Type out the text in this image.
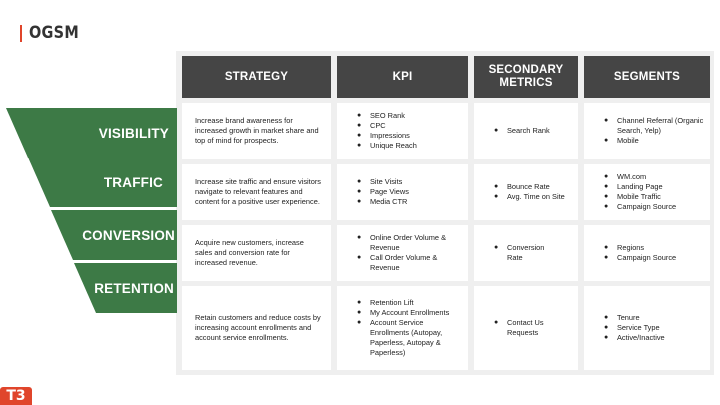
OGSM
STRATEGY	KPI
SECONDARY METRICS
SEGMENTS
Increase brand awareness for increased growth in market share and top of mind for prospects.
● SEO Rank
● CPC
● Impressions
● Unique Reach
● Search Rank
● Channel Referral (Organic Search, Yelp)
● Mobile
Increase site traffic and ensure visitors navigate to relevant features and content for a positive user experience.
● Site Visits
● Page Views
● Media CTR
● Bounce Rate
● Avg. Time on Site
● WM.com
● Landing Page
● Mobile Traffic
● Campaign Source
Acquire new customers, increase sales and conversion rate for increased revenue.
● Online Order Volume & Revenue
● Call Order Volume & Revenue
● Conversion Rate
● Regions
● Campaign Source
Retain customers and reduce costs by increasing account enrollments and account service enrollments.
● Retention Lift
● My Account Enrollments
● Account Service Enrollments (Autopay, Paperless, Autopay & Paperless)
● Contact Us Requests
● Tenure
● Service Type
● Active/Inactive
VISIBILITY
TRAFFIC
CONVERSION
RETENTION
T3
